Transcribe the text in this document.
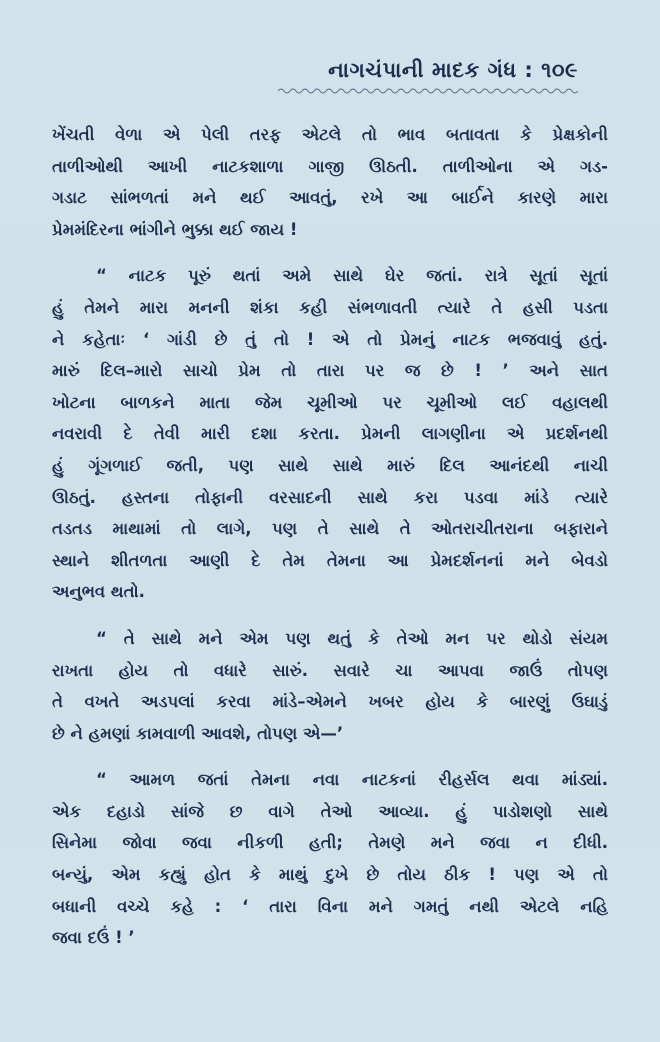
નાગચંપાની માદક ગંધ : ૧૦૯
ખેંચતી વેળા એ પેલી તરફ એટલે તો ભાવ બતાવતા કે પ્રેક્ષકોની
તાળીઓથી આખી નાટકશાળા ગાજી ઊઠતી. તાળીઓના એ ગડ-
ગડાટ સાંભળતાં મને થઈ આવતું, રખે આ બાર્ઈને કારણે મારા
પ્રેમમંદિરના ભાંગીને ભુક્કા થઈ જાય !
“ નાટક પૂરું થતાં અમે સાથે ઘેર જતાં. રાત્રે સૂતાં સૂતાં
હું તેમને મારા મનની શંકા કહી સંભળાવતી ત્યારે તે હસી પડતા
ને કહેતાઃ ‘ ગાંડી છે તું તો ! એ તો પ્રેમનું નાટક ભજવાવું હતું.
મારું દિલ–મારો સાચો પ્રેમ તો તારા પર જ છે ! ’ અને સાત
ખોટના બાળકને માતા જેમ ચૂમીઓ પર ચૂમીઓ લઈ વહાલથી
નવરાવી દે તેવી મારી દશા કરતા. પ્રેમની લાગણીના એ પ્રદર્શનથી
હું ગૂંગળાઈ જતી, પણ સાથે સાથે મારું દિલ આનંદથી નાચી
ઊઠતું. હસ્તના તોફાની વરસાદની સાથે કરા પડવા માંડે ત્યારે
તડતડ માથામાં તો લાગે, પણ તે સાથે તે ઓતરાચીતરાના બફારાને
સ્થાને શીતળતા આણી દે તેમ તેમના આ પ્રેમદર્શનનાં મને બેવડો
અનુભવ થતો.
“ તે સાથે મને એમ પણ થતું કે તેઓ મન પર થોડો સંયમ
રાખતા હોય તો વધારે સારું. સવારે ચા આપવા જાઉં તોપણ
તે વખતે અડપલાં કરવા માંડે–એમને ખબર હોય કે બારણું ઉઘાડું
છે ને હમણાં કામવાળી આવશે, તોપણ એ—’
“ આમળ જતાં તેમના નવા નાટકનાં રીહર્સલ થવા માંડ્યાં.
એક દહાડો સાંજે છ વાગે તેઓ આવ્યા. હું પાડોશણો સાથે
સિનેમા જોવા જવા નીકળી હતી; તેમણે મને જવા ન દીધી.
બન્યું, એમ કહ્યું હોત કે માથું દુખે છે તોય ઠીક ! પણ એ તો
બધાની વચ્ચે કહે : ‘ તારા વિના મને ગમતું નથી એટલે નહિ
જવા દઉં ! ’
